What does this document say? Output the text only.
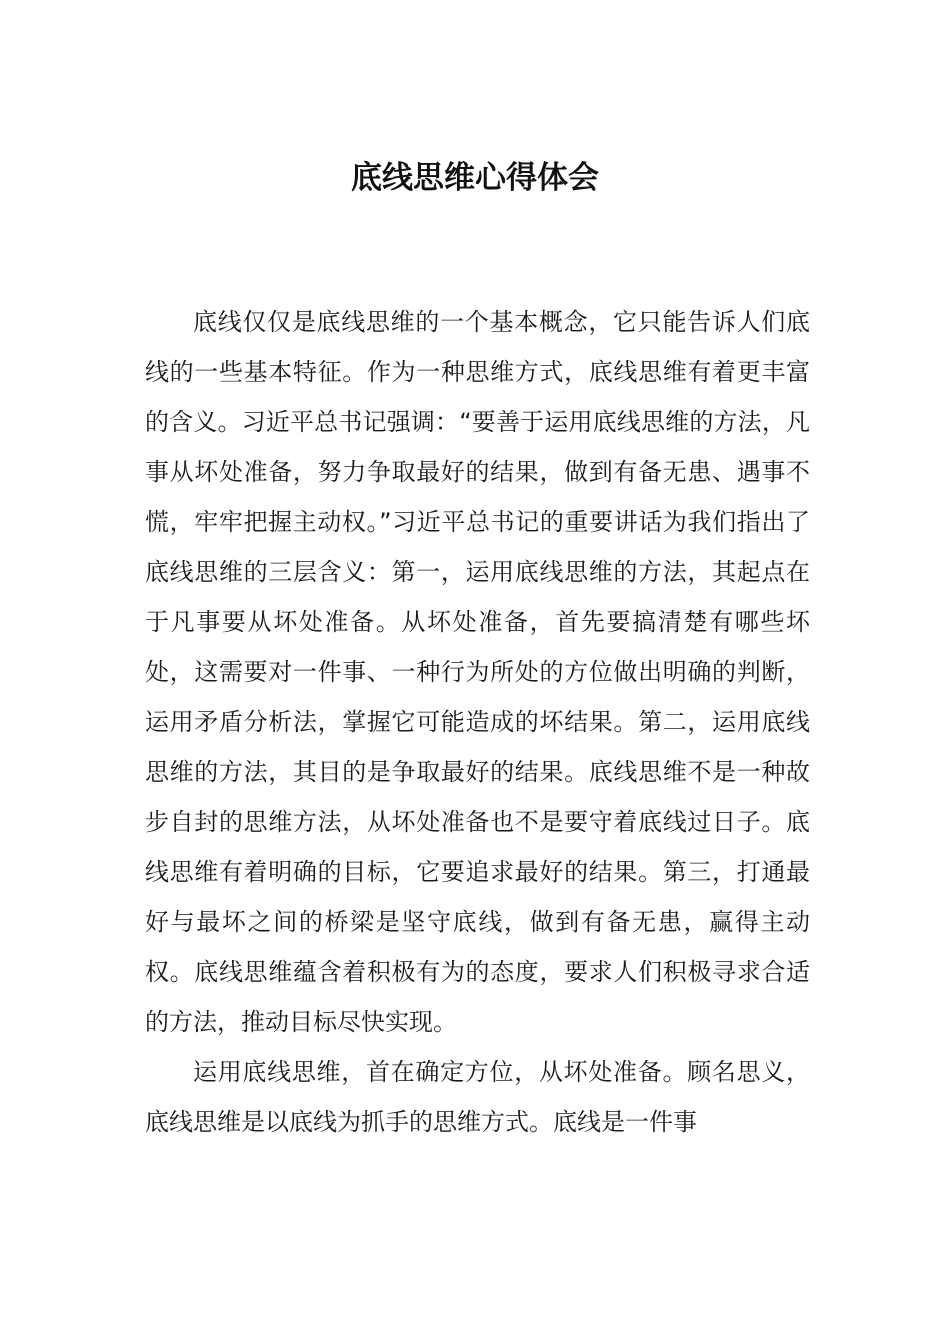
底线思维心得体会

底线仅仅是底线思维的一个基本概念，它只能告诉人们底线的一些基本特征。作为一种思维方式，底线思维有着更丰富的含义。习近平总书记强调：“要善于运用底线思维的方法，凡事从坏处准备，努力争取最好的结果，做到有备无患、遇事不慌，牢牢把握主动权。”习近平总书记的重要讲话为我们指出了底线思维的三层含义：第一，运用底线思维的方法，其起点在于凡事要从坏处准备。从坏处准备，首先要搞清楚有哪些坏处，这需要对一件事、一种行为所处的方位做出明确的判断，运用矛盾分析法，掌握它可能造成的坏结果。第二，运用底线思维的方法，其目的是争取最好的结果。底线思维不是一种故步自封的思维方法，从坏处准备也不是要守着底线过日子。底线思维有着明确的目标，它要追求最好的结果。第三，打通最好与最坏之间的桥梁是坚守底线，做到有备无患，赢得主动权。底线思维蕴含着积极有为的态度，要求人们积极寻求合适的方法，推动目标尽快实现。

运用底线思维，首在确定方位，从坏处准备。顾名思义，底线思维是以底线为抓手的思维方式。底线是一件事
